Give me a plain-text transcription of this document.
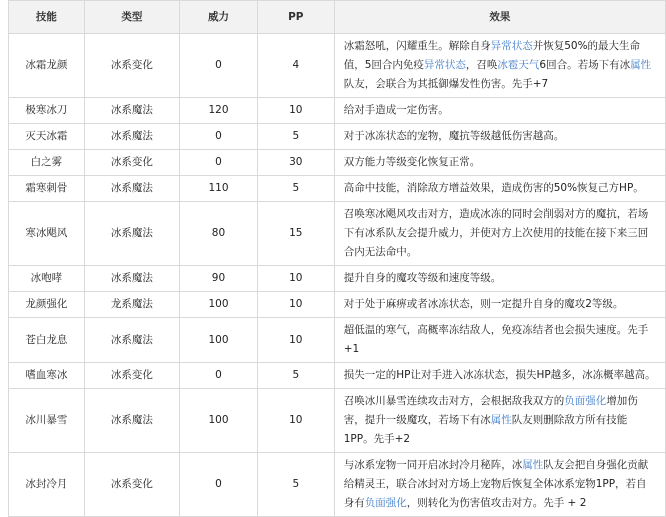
技能	类型	威力	PP	效果
冰霜龙颜	冰系变化	0	4	冰霜怒吼，闪耀重生。解除自身异常状态并恢复50%的最大生命值，5回合内免疫异常状态，召唤冰雹天气6回合。若场下有冰属性队友，会联合为其抵御爆发性伤害。先手+7
极寒冰刀	冰系魔法	120	10	给对手造成一定伤害。
灭天冰霜	冰系魔法	0	5	对于冰冻状态的宠物，魔抗等级越低伤害越高。
白之雾	冰系变化	0	30	双方能力等级变化恢复正常。
霜寒刺骨	冰系魔法	110	5	高命中技能，消除敌方增益效果，造成伤害的50%恢复己方HP。
寒冰飓风	冰系魔法	80	15	召唤寒冰飓风攻击对方，造成冰冻的同时会削弱对方的魔抗，若场下有冰系队友会提升威力，并使对方上次使用的技能在接下来三回合内无法命中。
冰咆哮	冰系魔法	90	10	提升自身的魔攻等级和速度等级。
龙颜强化	龙系魔法	100	10	对于处于麻痹或者冰冻状态，则一定提升自身的魔攻2等级。
苍白龙息	冰系魔法	100	10	超低温的寒气，高概率冻结敌人，免疫冻结者也会损失速度。先手+1
嗜血寒冰	冰系变化	0	5	损失一定的HP让对手进入冰冻状态，损失HP越多，冰冻概率越高。
冰川暴雪	冰系魔法	100	10	召唤冰川暴雪连续攻击对方，会根据敌我双方的负面强化增加伤害，提升一级魔攻，若场下有冰属性队友则删除敌方所有技能1PP。先手+2
冰封冷月	冰系变化	0	5	与冰系宠物一同开启冰封冷月秘阵，冰属性队友会把自身强化贡献给精灵王，联合冰封对方场上宠物后恢复全体冰系宠物1PP，若自身有负面强化，则转化为伤害值攻击对方。先手 + 2
